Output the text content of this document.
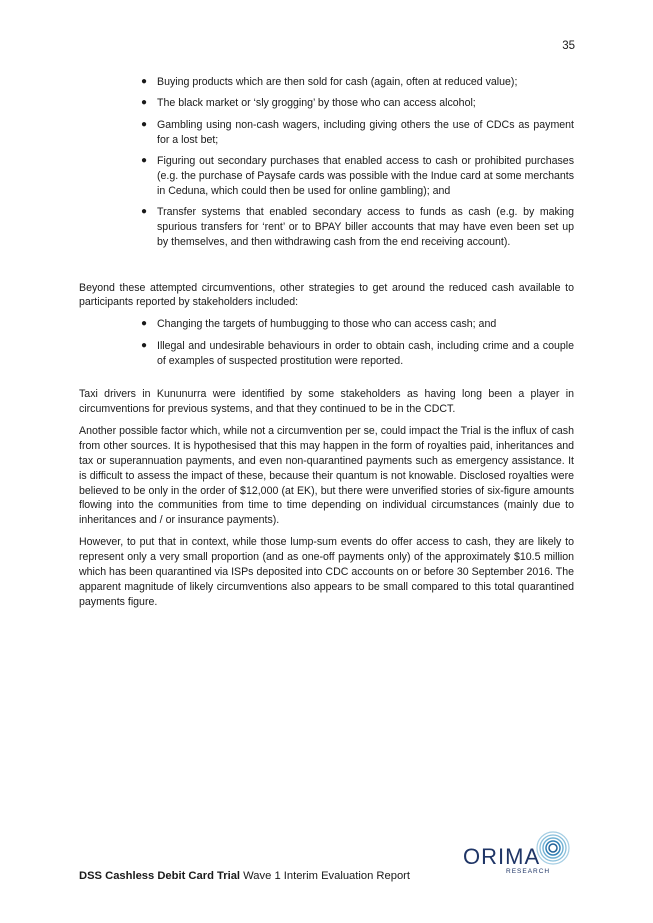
35
● Buying products which are then sold for cash (again, often at reduced value);
● The black market or ‘sly grogging’ by those who can access alcohol;
● Gambling using non-cash wagers, including giving others the use of CDCs as payment for a lost bet;
● Figuring out secondary purchases that enabled access to cash or prohibited purchases (e.g. the purchase of Paysafe cards was possible with the Indue card at some merchants in Ceduna, which could then be used for online gambling); and
● Transfer systems that enabled secondary access to funds as cash (e.g. by making spurious transfers for ‘rent’ or to BPAY biller accounts that may have even been set up by themselves, and then withdrawing cash from the end receiving account).

Beyond these attempted circumventions, other strategies to get around the reduced cash available to participants reported by stakeholders included:

● Changing the targets of humbugging to those who can access cash; and
● Illegal and undesirable behaviours in order to obtain cash, including crime and a couple of examples of suspected prostitution were reported.

Taxi drivers in Kununurra were identified by some stakeholders as having long been a player in circumventions for previous systems, and that they continued to be in the CDCT.

Another possible factor which, while not a circumvention per se, could impact the Trial is the influx of cash from other sources. It is hypothesised that this may happen in the form of royalties paid, inheritances and tax or superannuation payments, and even non-quarantined payments such as emergency assistance. It is difficult to assess the impact of these, because their quantum is not knowable. Disclosed royalties were believed to be only in the order of $12,000 (at EK), but there were unverified stories of six-figure amounts flowing into the communities from time to time depending on individual circumstances (mainly due to inheritances and / or insurance payments).

However, to put that in context, while those lump-sum events do offer access to cash, they are likely to represent only a very small proportion (and as one-off payments only) of the approximately $10.5 million which has been quarantined via ISPs deposited into CDC accounts on or before 30 September 2016. The apparent magnitude of likely circumventions also appears to be small compared to this total quarantined payments figure.

ORIMA
RESEARCH
DSS Cashless Debit Card Trial Wave 1 Interim Evaluation Report
